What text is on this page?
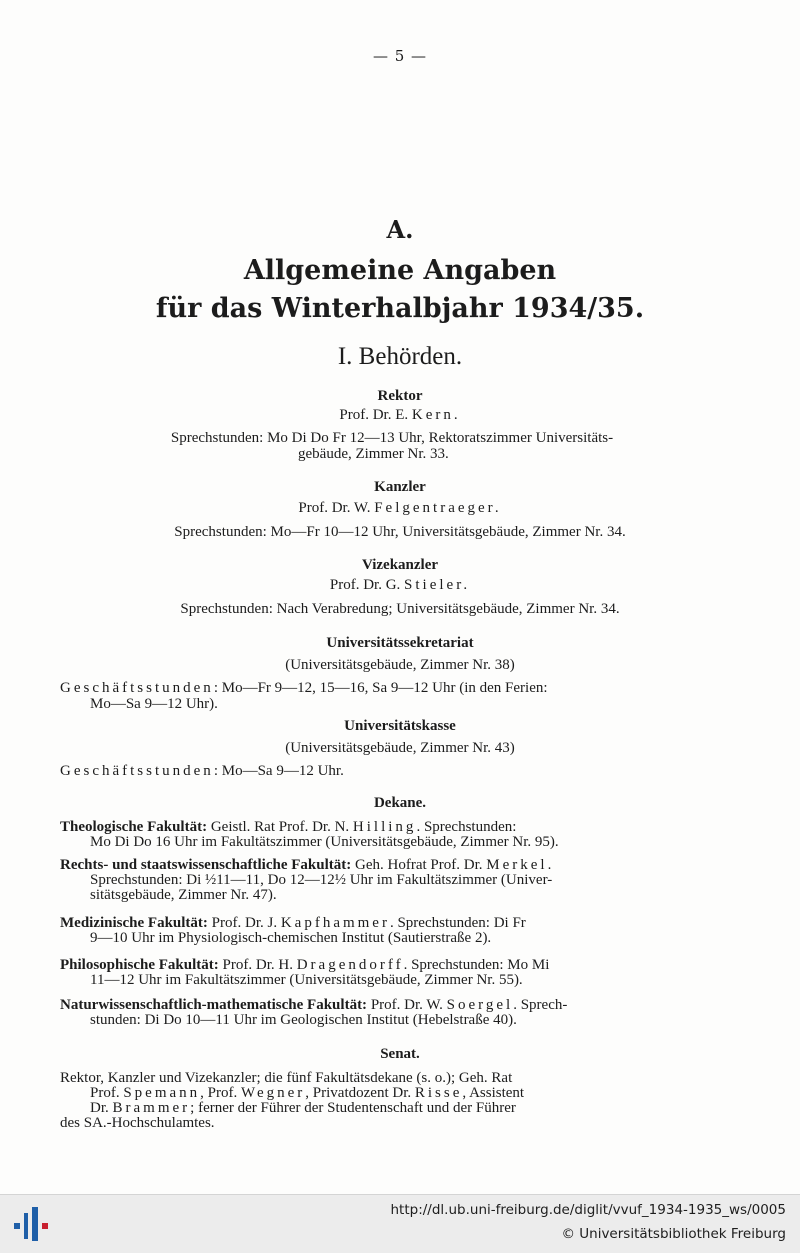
— 5 —
A.
Allgemeine Angaben
für das Winterhalbjahr 1934/35.
I. Behörden.
Rektor
Prof. Dr. E. Kern.
Sprechstunden: Mo Di Do Fr 12—13 Uhr, Rektoratszimmer Universitäts-
gebäude, Zimmer Nr. 33.
Kanzler
Prof. Dr. W. Felgentraeger.
Sprechstunden: Mo—Fr 10—12 Uhr, Universitätsgebäude, Zimmer Nr. 34.
Vizekanzler
Prof. Dr. G. Stieler.
Sprechstunden: Nach Verabredung; Universitätsgebäude, Zimmer Nr. 34.
Universitätssekretariat
(Universitätsgebäude, Zimmer Nr. 38)
Geschäftsstunden: Mo—Fr 9—12, 15—16, Sa 9—12 Uhr (in den Ferien:
Mo—Sa 9—12 Uhr).
Universitätskasse
(Universitätsgebäude, Zimmer Nr. 43)
Geschäftsstunden: Mo—Sa 9—12 Uhr.
Dekane.
Theologische Fakultät: Geistl. Rat Prof. Dr. N. Hilling. Sprechstunden:
Mo Di Do 16 Uhr im Fakultätszimmer (Universitätsgebäude, Zimmer Nr. 95).
Rechts- und staatswissenschaftliche Fakultät: Geh. Hofrat Prof. Dr. Merkel.
Sprechstunden: Di ½11—11, Do 12—12½ Uhr im Fakultätszimmer (Univer-
sitätsgebäude, Zimmer Nr. 47).
Medizinische Fakultät: Prof. Dr. J. Kapfhammer. Sprechstunden: Di Fr
9—10 Uhr im Physiologisch-chemischen Institut (Sautierstraße 2).
Philosophische Fakultät: Prof. Dr. H. Dragendorff. Sprechstunden: Mo Mi
11—12 Uhr im Fakultätszimmer (Universitätsgebäude, Zimmer Nr. 55).
Naturwissenschaftlich-mathematische Fakultät: Prof. Dr. W. Soergel. Sprech-
stunden: Di Do 10—11 Uhr im Geologischen Institut (Hebelstraße 40).
Senat.
Rektor, Kanzler und Vizekanzler; die fünf Fakultätsdekane (s. o.); Geh. Rat
Prof. Spemann, Prof. Wegner, Privatdozent Dr. Risse, Assistent
Dr. Brammer; ferner der Führer der Studentenschaft und der Führer
des SA.-Hochschulamtes.
http://dl.ub.uni-freiburg.de/diglit/vvuf_1934-1935_ws/0005
© Universitätsbibliothek Freiburg
